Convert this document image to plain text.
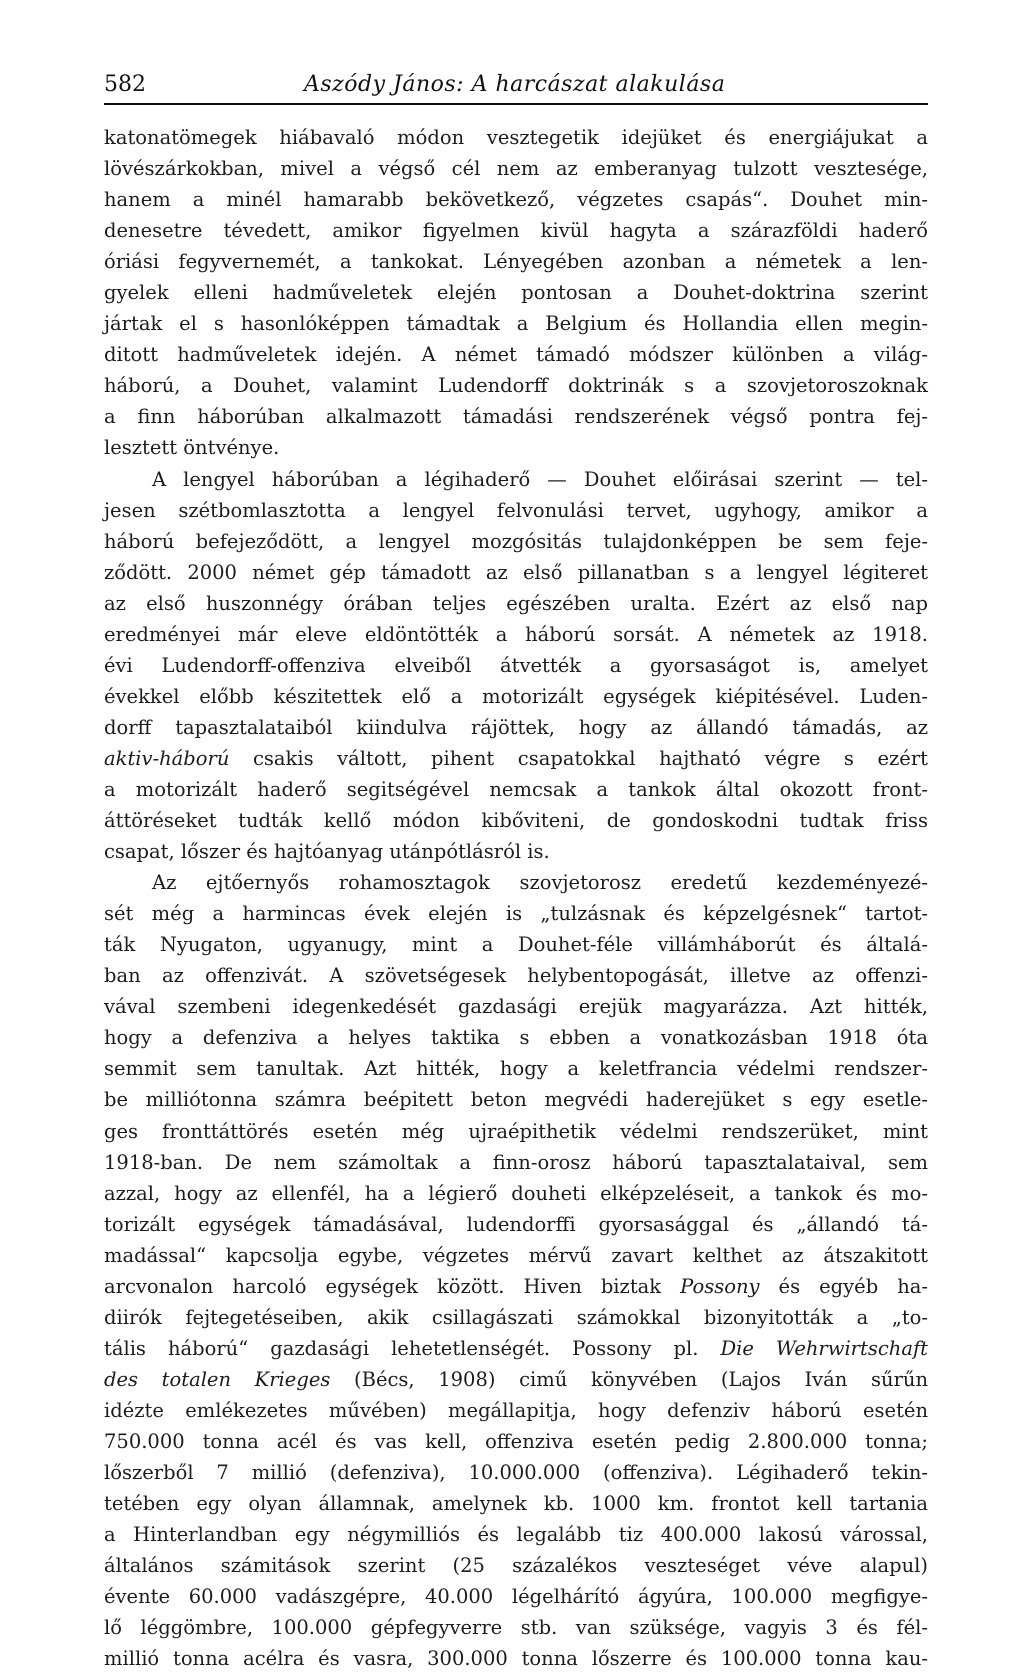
582	Aszódy János: A harcászat alakulása
katonatömegek hiábavaló módon vesztegetik idejüket és energiájukat a
lövészárkokban, mivel a végső cél nem az emberanyag tulzott vesztesége,
hanem a minél hamarabb bekövetkező, végzetes csapás“. Douhet min-
denesetre tévedett, amikor figyelmen kivül hagyta a szárazföldi haderő
óriási fegyvernemét, a tankokat. Lényegében azonban a németek a len-
gyelek elleni hadműveletek elején pontosan a Douhet-doktrina szerint
jártak el s hasonlóképpen támadtak a Belgium és Hollandia ellen megin-
ditott hadműveletek idején. A német támadó módszer különben a világ-
háború, a Douhet, valamint Ludendorff doktrinák s a szovjetoroszoknak
a finn háborúban alkalmazott támadási rendszerének végső pontra fej-
lesztett öntvénye.
A lengyel háborúban a légihaderő — Douhet előirásai szerint — tel-
jesen szétbomlasztotta a lengyel felvonulási tervet, ugyhogy, amikor a
háború befejeződött, a lengyel mozgósitás tulajdonképpen be sem feje-
ződött. 2000 német gép támadott az első pillanatban s a lengyel légiteret
az első huszonnégy órában teljes egészében uralta. Ezért az első nap
eredményei már eleve eldöntötték a háború sorsát. A németek az 1918.
évi Ludendorff-offenziva elveiből átvették a gyorsaságot is, amelyet
évekkel előbb készitettek elő a motorizált egységek kiépitésével. Luden-
dorff tapasztalataiból kiindulva rájöttek, hogy az állandó támadás, az
aktiv-háború csakis váltott, pihent csapatokkal hajtható végre s ezért
a motorizált haderő segitségével nemcsak a tankok által okozott front-
áttöréseket tudták kellő módon kibőviteni, de gondoskodni tudtak friss
csapat, lőszer és hajtóanyag utánpótlásról is.
Az ejtőernyős rohamosztagok szovjetorosz eredetű kezdeményezé-
sét még a harmincas évek elején is „tulzásnak és képzelgésnek“ tartot-
ták Nyugaton, ugyanugy, mint a Douhet-féle villámháborút és általá-
ban az offenzivát. A szövetségesek helybentopogását, illetve az offenzi-
vával szembeni idegenkedését gazdasági erejük magyarázza. Azt hitték,
hogy a defenziva a helyes taktika s ebben a vonatkozásban 1918 óta
semmit sem tanultak. Azt hitték, hogy a keletfrancia védelmi rendszer-
be milliótonna számra beépitett beton megvédi haderejüket s egy esetle-
ges fronttáttörés esetén még ujraépithetik védelmi rendszerüket, mint
1918-ban. De nem számoltak a finn-orosz háború tapasztalataival, sem
azzal, hogy az ellenfél, ha a légierő douheti elképzeléseit, a tankok és mo-
torizált egységek támadásával, ludendorffi gyorsasággal és „állandó tá-
madással“ kapcsolja egybe, végzetes mérvű zavart kelthet az átszakitott
arcvonalon harcoló egységek között. Hiven biztak Possony és egyéb ha-
diirók fejtegetéseiben, akik csillagászati számokkal bizonyitották a „to-
tális háború“ gazdasági lehetetlenségét. Possony pl. Die Wehrwirtschaft
des totalen Krieges (Bécs, 1908) cimű könyvében (Lajos Iván sűrűn
idézte emlékezetes művében) megállapitja, hogy defenziv háború esetén
750.000 tonna acél és vas kell, offenziva esetén pedig 2.800.000 tonna;
lőszerből 7 millió (defenziva), 10.000.000 (offenziva). Légihaderő tekin-
tetében egy olyan államnak, amelynek kb. 1000 km. frontot kell tartania
a Hinterlandban egy négymilliós és legalább tiz 400.000 lakosú várossal,
általános számitások szerint (25 százalékos veszteséget véve alapul)
évente 60.000 vadászgépre, 40.000 légelhárító ágyúra, 100.000 megfigye-
lő léggömbre, 100.000 gépfegyverre stb. van szüksége, vagyis 3 és fél-
millió tonna acélra és vasra, 300.000 tonna lőszerre és 100.000 tonna kau-
